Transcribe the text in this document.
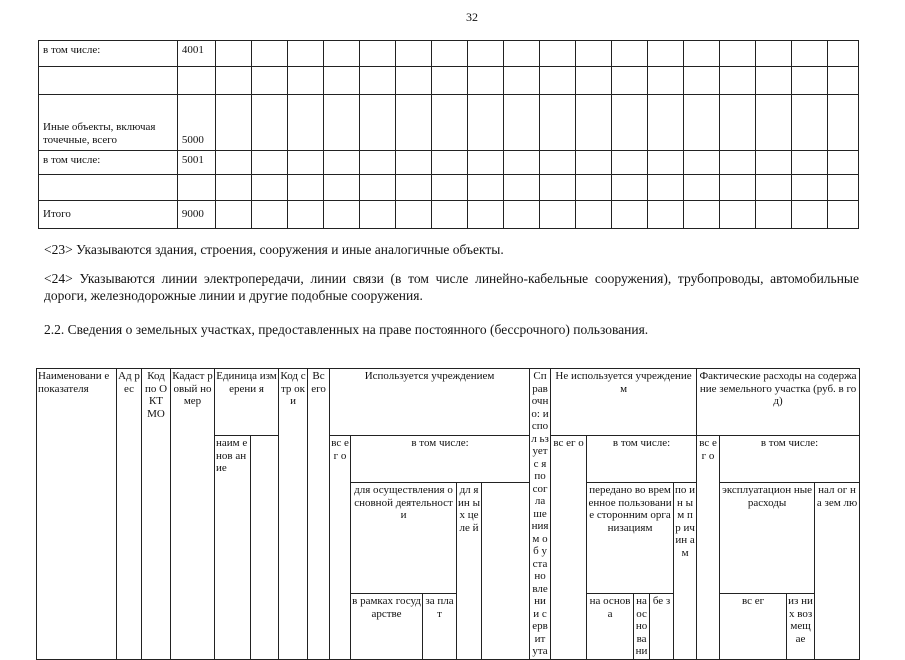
32
в том числе:	4001																		

Иные объекты, включая точечные, всего	5000																		
в том числе:	5001																		

Итого	9000																		
<23> Указываются здания, строения, сооружения и иные аналогичные объекты.
<24> Указываются линии электропередачи, линии связи (в том числе линейно-кабельные сооружения), трубопроводы, автомобильные дороги, железнодорожные линии и другие подобные сооружения.
2.2. Сведения о земельных участках, предоставленных на праве постоянного (бессрочного) пользования.
Наименовани е показателя	Ад рес	Код по ОКТ МО	Кадаст ровый номер	Единица измерени я		Код стр оки	Вс его	Используется учреждением					Справ очно: испол ьзуетс я по согла шения м об устано влени и сервит ута	Не используется учреждением					Фактические расходы на содержание земельного участка (руб. в год)			
				наим енов ание				вс ег о	в том числе:					вс ег о	в том числе:				вс ег о	в том числе:		
									для осуществления основной деятельности		дл я ин ых це ле й				передано во временное пользование сторонним организациям			по ин ы м пр ич ин ам		эксплуатацион ные расходы		нал ог на зем лю
									в рамках государстве	за плат					на основа	на основани	бе з			вс ег	из них возмещае	
